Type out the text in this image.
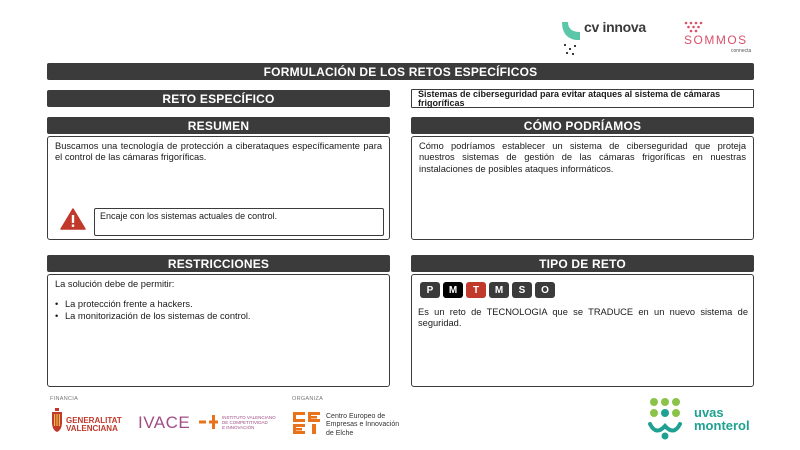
cv innova
SOMMOS
connecta
FORMULACIÓN DE LOS RETOS ESPECÍFICOS
RETO ESPECÍFICO	Sistemas de ciberseguridad para evitar ataques al sistema de cámaras frigoríficas
RESUMEN
Buscamos una tecnología de protección a ciberataques específicamente para el control de las cámaras frigoríficas.
Encaje con los sistemas actuales de control.
CÓMO PODRÍAMOS
Cómo podríamos establecer un sistema de ciberseguridad que proteja nuestros sistemas de gestión de las cámaras frigoríficas en nuestras instalaciones de posibles ataques informáticos.
RESTRICCIONES
La solución debe de permitir:
• La protección frente a hackers.
• La monitorización de los sistemas de control.
TIPO DE RETO
P	M	T	M	S	O
Es un reto de TECNOLOGIA que se TRADUCE en un nuevo sistema de seguridad.
FINANCIA	ORGANIZA
GENERALITAT
VALENCIANA IVACE	INSTITUTO VALENCIANO
DE COMPETITIVIDAD
E INNOVACIÓN
Centro Europeo de
Empresas e Innovación
de Elche
uvas
monterol
